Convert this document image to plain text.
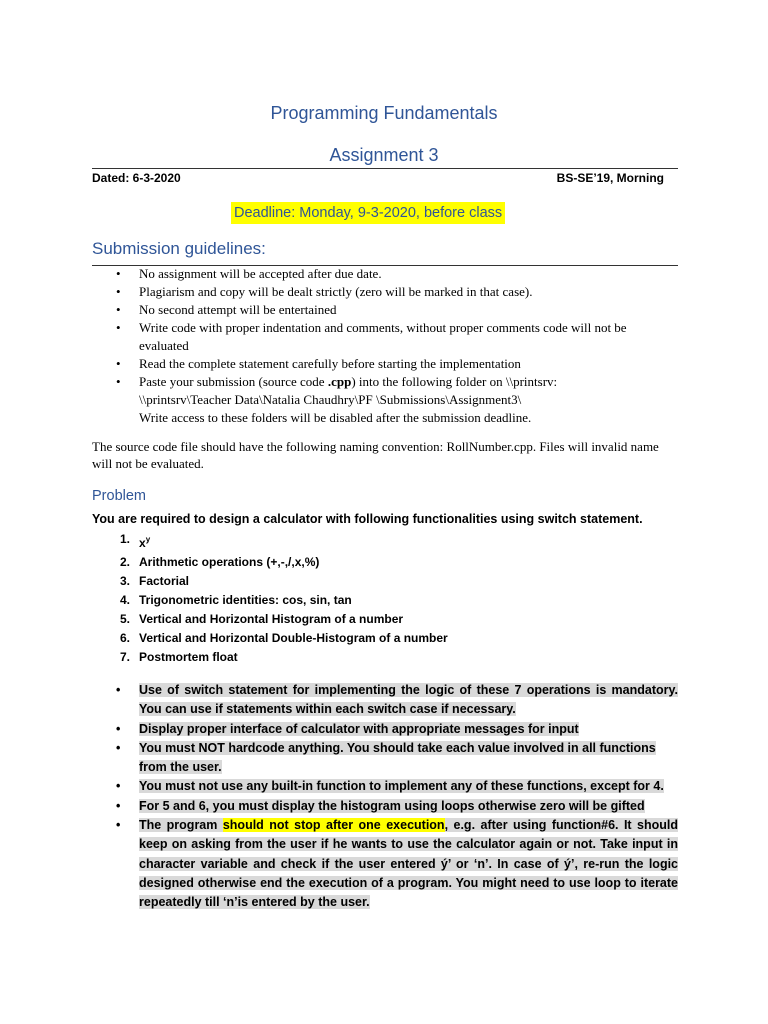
Programming Fundamentals
Assignment 3
Dated: 6-3-2020	BS-SE’19, Morning
Deadline: Monday, 9-3-2020, before class
Submission guidelines:
• No assignment will be accepted after due date.
• Plagiarism and copy will be dealt strictly (zero will be marked in that case).
• No second attempt will be entertained
• Write code with proper indentation and comments, without proper comments code will not be evaluated
• Read the complete statement carefully before starting the implementation
• Paste your submission (source code .cpp) into the following folder on \\printsrv:
\\printsrv\Teacher Data\Natalia Chaudhry\PF \Submissions\Assignment3\
Write access to these folders will be disabled after the submission deadline.
The source code file should have the following naming convention: RollNumber.cpp. Files will invalid name will not be evaluated.
Problem
You are required to design a calculator with following functionalities using switch statement.
1. $x^y$
2. Arithmetic operations (+,-,/,x,%)
3. Factorial
4. Trigonometric identities: cos, sin, tan
5. Vertical and Horizontal Histogram of a number
6. Vertical and Horizontal Double-Histogram of a number
7. Postmortem float
• Use of switch statement for implementing the logic of these 7 operations is mandatory. You can use if statements within each switch case if necessary.
• Display proper interface of calculator with appropriate messages for input
• You must NOT hardcode anything. You should take each value involved in all functions from the user.
• You must not use any built-in function to implement any of these functions, except for 4.
• For 5 and 6, you must display the histogram using loops otherwise zero will be gifted
• The program should not stop after one execution, e.g. after using function#6. It should keep on asking from the user if he wants to use the calculator again or not. Take input in character variable and check if the user entered ý’ or ‘n’. In case of ý’, re-run the logic designed otherwise end the execution of a program. You might need to use loop to iterate repeatedly till ‘n’is entered by the user.
